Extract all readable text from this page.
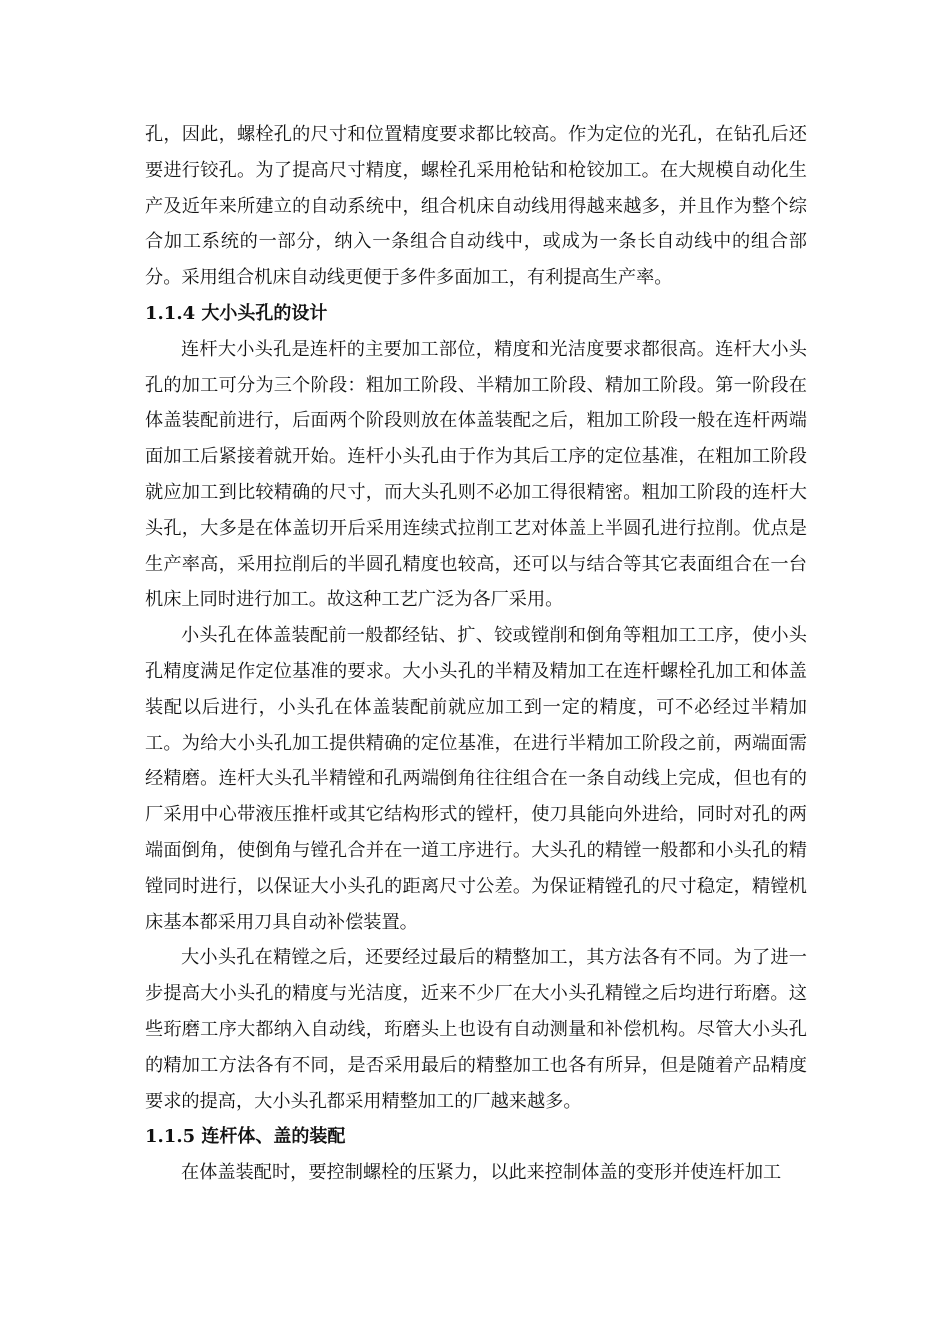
孔，因此，螺栓孔的尺寸和位置精度要求都比较高。作为定位的光孔，在钻孔后还要进行铰孔。为了提高尺寸精度，螺栓孔采用枪钻和枪铰加工。在大规模自动化生产及近年来所建立的自动系统中，组合机床自动线用得越来越多，并且作为整个综合加工系统的一部分，纳入一条组合自动线中，或成为一条长自动线中的组合部分。采用组合机床自动线更便于多件多面加工，有利提高生产率。

1.1.4 大小头孔的设计

连杆大小头孔是连杆的主要加工部位，精度和光洁度要求都很高。连杆大小头孔的加工可分为三个阶段：粗加工阶段、半精加工阶段、精加工阶段。第一阶段在体盖装配前进行，后面两个阶段则放在体盖装配之后，粗加工阶段一般在连杆两端面加工后紧接着就开始。连杆小头孔由于作为其后工序的定位基准，在粗加工阶段就应加工到比较精确的尺寸，而大头孔则不必加工得很精密。粗加工阶段的连杆大头孔，大多是在体盖切开后采用连续式拉削工艺对体盖上半圆孔进行拉削。优点是生产率高，采用拉削后的半圆孔精度也较高，还可以与结合等其它表面组合在一台机床上同时进行加工。故这种工艺广泛为各厂采用。

小头孔在体盖装配前一般都经钻、扩、铰或镗削和倒角等粗加工工序，使小头孔精度满足作定位基准的要求。大小头孔的半精及精加工在连杆螺栓孔加工和体盖装配以后进行，小头孔在体盖装配前就应加工到一定的精度，可不必经过半精加工。为给大小头孔加工提供精确的定位基准，在进行半精加工阶段之前，两端面需经精磨。连杆大头孔半精镗和孔两端倒角往往组合在一条自动线上完成，但也有的厂采用中心带液压推杆或其它结构形式的镗杆，使刀具能向外进给，同时对孔的两端面倒角，使倒角与镗孔合并在一道工序进行。大头孔的精镗一般都和小头孔的精镗同时进行，以保证大小头孔的距离尺寸公差。为保证精镗孔的尺寸稳定，精镗机床基本都采用刀具自动补偿装置。

大小头孔在精镗之后，还要经过最后的精整加工，其方法各有不同。为了进一步提高大小头孔的精度与光洁度，近来不少厂在大小头孔精镗之后均进行珩磨。这些珩磨工序大都纳入自动线，珩磨头上也设有自动测量和补偿机构。尽管大小头孔的精加工方法各有不同，是否采用最后的精整加工也各有所异，但是随着产品精度要求的提高，大小头孔都采用精整加工的厂越来越多。

1.1.5 连杆体、盖的装配

在体盖装配时，要控制螺栓的压紧力，以此来控制体盖的变形并使连杆加工
